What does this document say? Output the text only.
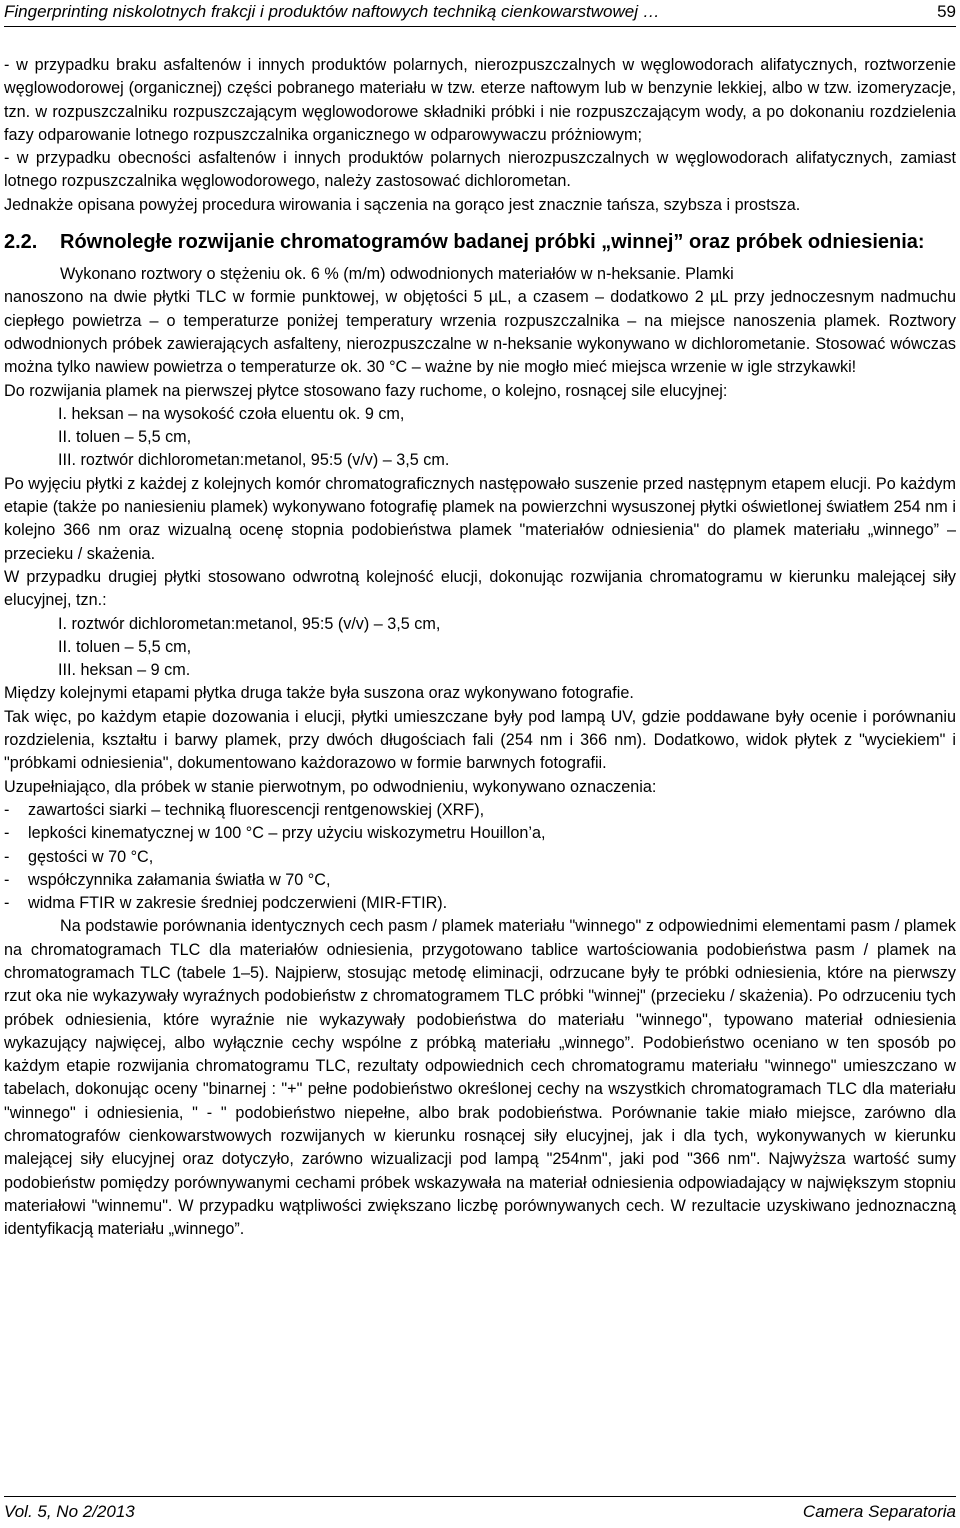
Fingerprinting niskolotnych frakcji i produktów naftowych techniką cienkowarstwowej …	59

- w przypadku braku asfaltenów i innych produktów polarnych, nierozpuszczalnych w węglowodorach alifatycznych, roztworzenie węglowodorowej (organicznej) części pobranego materiału w tzw. eterze naftowym lub w benzynie lekkiej, albo w tzw. izomeryzacje, tzn. w rozpuszczalniku rozpuszczającym węglowodorowe składniki próbki i nie rozpuszczającym wody, a po dokonaniu rozdzielenia fazy odparowanie lotnego rozpuszczalnika organicznego w odparowywaczu próżniowym;

- w przypadku obecności asfaltenów i innych produktów polarnych nierozpuszczalnych w węglowodorach alifatycznych, zamiast lotnego rozpuszczalnika węglowodorowego, należy zastosować dichlorometan.

Jednakże opisana powyżej procedura wirowania i sączenia na gorąco jest znacznie tańsza, szybsza i prostsza.

2.2.	Równoległe rozwijanie chromatogramów badanej próbki „winnej” oraz próbek odniesienia:

Wykonano roztwory o stężeniu ok. 6 % (m/m) odwodnionych materiałów w n-heksanie. Plamki

nanoszono na dwie płytki TLC w formie punktowej, w objętości 5 µL, a czasem – dodatkowo 2 µL przy jednoczesnym nadmuchu ciepłego powietrza – o temperaturze poniżej temperatury wrzenia rozpuszczalnika – na miejsce nanoszenia plamek. Roztwory odwodnionych próbek zawierających asfalteny, nierozpuszczalne w n-heksanie wykonywano w dichlorometanie. Stosować wówczas można tylko nawiew powietrza o temperaturze ok. 30 °C – ważne by nie mogło mieć miejsca wrzenie w igle strzykawki!

Do rozwijania plamek na pierwszej płytce stosowano fazy ruchome, o kolejno, rosnącej sile elucyjnej:

I. heksan – na wysokość czoła eluentu ok. 9 cm,

II. toluen – 5,5 cm,

III. roztwór dichlorometan:metanol, 95:5 (v/v) – 3,5 cm.

Po wyjęciu płytki z każdej z kolejnych komór chromatograficznych następowało suszenie przed następnym etapem elucji. Po każdym etapie (także po naniesieniu plamek) wykonywano fotografię plamek na powierzchni wysuszonej płytki oświetlonej światłem 254 nm i kolejno 366 nm oraz wizualną ocenę stopnia podobieństwa plamek "materiałów odniesienia" do plamek materiału „winnego” – przecieku / skażenia.

W przypadku drugiej płytki stosowano odwrotną kolejność elucji, dokonując rozwijania chromatogramu w kierunku malejącej siły elucyjnej, tzn.:

I. roztwór dichlorometan:metanol, 95:5 (v/v) – 3,5 cm,

II. toluen – 5,5 cm,

III. heksan – 9 cm.

Między kolejnymi etapami płytka druga także była suszona oraz wykonywano fotografie.

Tak więc, po każdym etapie dozowania i elucji, płytki umieszczane były pod lampą UV, gdzie poddawane były ocenie i porównaniu rozdzielenia, kształtu i barwy plamek, przy dwóch długościach fali (254 nm i 366 nm). Dodatkowo, widok płytek z "wyciekiem" i "próbkami odniesienia", dokumentowano każdorazowo w formie barwnych fotografii.

Uzupełniająco, dla próbek w stanie pierwotnym, po odwodnieniu, wykonywano oznaczenia:

-	zawartości siarki – techniką fluorescencji rentgenowskiej (XRF),
-	lepkości kinematycznej w 100 °C – przy użyciu wiskozymetru Houillon’a,
-	gęstości w 70 °C,
-	współczynnika załamania światła w 70 °C,
-	widma FTIR w zakresie średniej podczerwieni (MIR-FTIR).

Na podstawie porównania identycznych cech pasm / plamek materiału "winnego" z odpowiednimi elementami pasm / plamek na chromatogramach TLC dla materiałów odniesienia, przygotowano tablice wartościowania podobieństwa pasm / plamek na chromatogramach TLC (tabele 1–5). Najpierw, stosując metodę eliminacji, odrzucane były te próbki odniesienia, które na pierwszy rzut oka nie wykazywały wyraźnych podobieństw z chromatogramem TLC próbki "winnej" (przecieku / skażenia). Po odrzuceniu tych próbek odniesienia, które wyraźnie nie wykazywały podobieństwa do materiału "winnego", typowano materiał odniesienia wykazujący najwięcej, albo wyłącznie cechy wspólne z próbką materiału „winnego”. Podobieństwo oceniano w ten sposób po każdym etapie rozwijania chromatogramu TLC, rezultaty odpowiednich cech chromatogramu materiału "winnego" umieszczano w tabelach, dokonując oceny "binarnej : "+" pełne podobieństwo określonej cechy na wszystkich chromatogramach TLC dla materiału "winnego" i odniesienia, " - " podobieństwo niepełne, albo brak podobieństwa. Porównanie takie miało miejsce, zarówno dla chromatografów cienkowarstwowych rozwijanych w kierunku rosnącej siły elucyjnej, jak i dla tych, wykonywanych w kierunku malejącej siły elucyjnej oraz dotyczyło, zarówno wizualizacji pod lampą "254nm", jaki pod "366 nm". Najwyższa wartość sumy podobieństw pomiędzy porównywanymi cechami próbek wskazywała na materiał odniesienia odpowiadający w największym stopniu materiałowi "winnemu". W przypadku wątpliwości zwiększano liczbę porównywanych cech. W rezultacie uzyskiwano jednoznaczną identyfikacją materiału „winnego”.

Vol. 5, No 2/2013	Camera Separatoria
